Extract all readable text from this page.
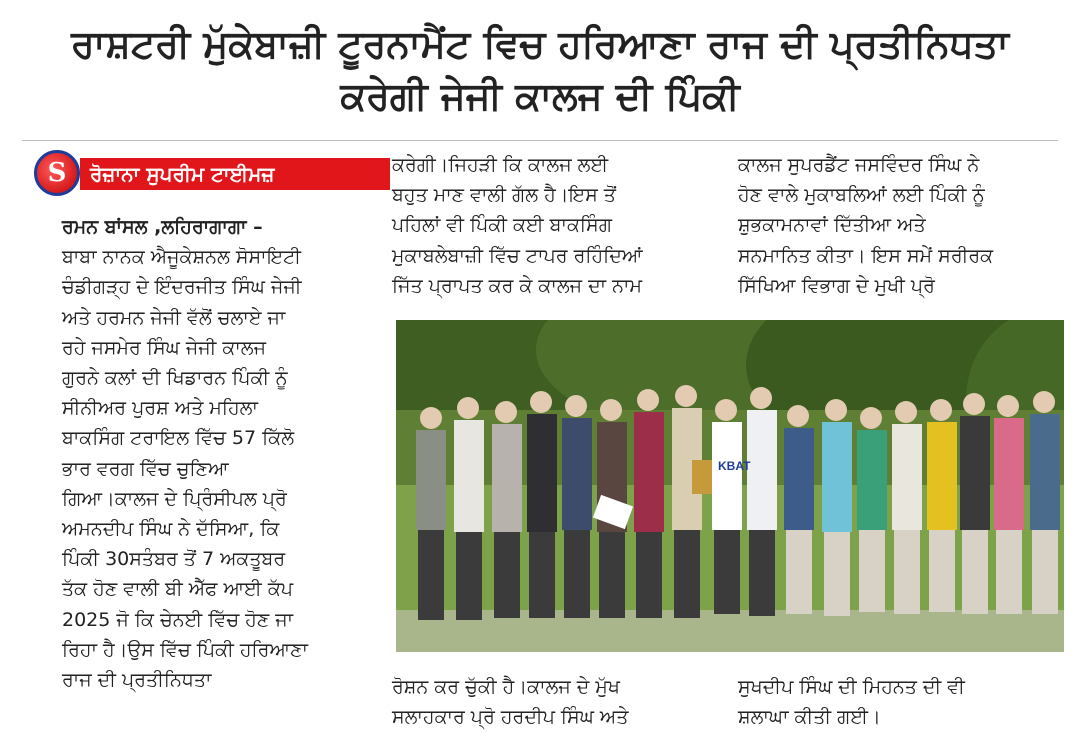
ਰਾਸ਼ਟਰੀ ਮੁੱਕੇਬਾਜ਼ੀ ਟੂਰਨਾਮੈਂਟ ਵਿਚ ਹਰਿਆਣਾ ਰਾਜ ਦੀ ਪ੍ਰਤੀਨਿਧਤਾ
ਕਰੇਗੀ ਜੇਜੀ ਕਾਲਜ ਦੀ ਪਿੰਕੀ
S	ਰੋਜ਼ਾਨਾ ਸੁਪਰੀਮ ਟਾਈਮਜ਼

ਰਮਨ ਬਾਂਸਲ ,ਲਹਿਰਾਗਾਗਾ –

ਬਾਬਾ ਨਾਨਕ ਐਜੂਕੇਸ਼ਨਲ ਸੋਸਾਇਟੀ

ਚੰਡੀਗੜ੍ਹ ਦੇ ਇੰਦਰਜੀਤ ਸਿੰਘ ਜੇਜੀ

ਅਤੇ ਹਰਮਨ ਜੇਜੀ ਵੱਲੋਂ ਚਲਾਏ ਜਾ

ਰਹੇ ਜਸਮੇਰ ਸਿੰਘ ਜੇਜੀ ਕਾਲਜ

ਗੁਰਨੇ ਕਲਾਂ ਦੀ ਖਿਡਾਰਨ ਪਿੰਕੀ ਨੂੰ

ਸੀਨੀਅਰ ਪੁਰਸ਼ ਅਤੇ ਮਹਿਲਾ

ਬਾਕਸਿੰਗ ਟਰਾਇਲ ਵਿੱਚ 57 ਕਿੱਲੋ

ਭਾਰ ਵਰਗ ਵਿੱਚ ਚੁਣਿਆ

ਗਿਆ।ਕਾਲਜ ਦੇ ਪ੍ਰਿੰਸੀਪਲ ਪ੍ਰੋ

ਅਮਨਦੀਪ ਸਿੰਘ ਨੇ ਦੱਸਿਆ, ਕਿ

ਪਿੰਕੀ 30ਸਤੰਬਰ ਤੋਂ 7 ਅਕਤੂਬਰ

ਤੱਕ ਹੋਣ ਵਾਲੀ ਬੀ ਐੱਫ ਆਈ ਕੱਪ

2025 ਜੋ ਕਿ ਚੇਨਈ ਵਿੱਚ ਹੋਣ ਜਾ

ਰਿਹਾ ਹੈ।ਉਸ ਵਿੱਚ ਪਿੰਕੀ ਹਰਿਆਣਾ

ਰਾਜ ਦੀ ਪ੍ਰਤੀਨਿਧਤਾ

ਕਰੇਗੀ।ਜਿਹੜੀ ਕਿ ਕਾਲਜ ਲਈ

ਬਹੁਤ ਮਾਣ ਵਾਲੀ ਗੱਲ ਹੈ।ਇਸ ਤੋਂ

ਪਹਿਲਾਂ ਵੀ ਪਿੰਕੀ ਕਈ ਬਾਕਸਿੰਗ

ਮੁਕਾਬਲੇਬਾਜ਼ੀ ਵਿੱਚ ਟਾਪਰ ਰਹਿੰਦਿਆਂ

ਜਿੱਤ ਪ੍ਰਾਪਤ ਕਰ ਕੇ ਕਾਲਜ ਦਾ ਨਾਮ

ਕਾਲਜ ਸੁਪਰਡੈਂਟ ਜਸਵਿੰਦਰ ਸਿੰਘ ਨੇ

ਹੋਣ ਵਾਲੇ ਮੁਕਾਬਲਿਆਂ ਲਈ ਪਿੰਕੀ ਨੂੰ

ਸ਼ੁਭਕਾਮਨਾਵਾਂ ਦਿੱਤੀਆ ਅਤੇ

ਸਨਮਾਨਿਤ ਕੀਤਾ। ਇਸ ਸਮੇਂ ਸਰੀਰਕ

ਸਿੱਖਿਆ ਵਿਭਾਗ ਦੇ ਮੁਖੀ ਪ੍ਰੋ

KBAT

ਰੋਸ਼ਨ ਕਰ ਚੁੱਕੀ ਹੈ।ਕਾਲਜ ਦੇ ਮੁੱਖ

ਸਲਾਹਕਾਰ ਪ੍ਰੋ ਹਰਦੀਪ ਸਿੰਘ ਅਤੇ

ਸੁਖਦੀਪ ਸਿੰਘ ਦੀ ਮਿਹਨਤ ਦੀ ਵੀ

ਸ਼ਲਾਘਾ ਕੀਤੀ ਗਈ।
